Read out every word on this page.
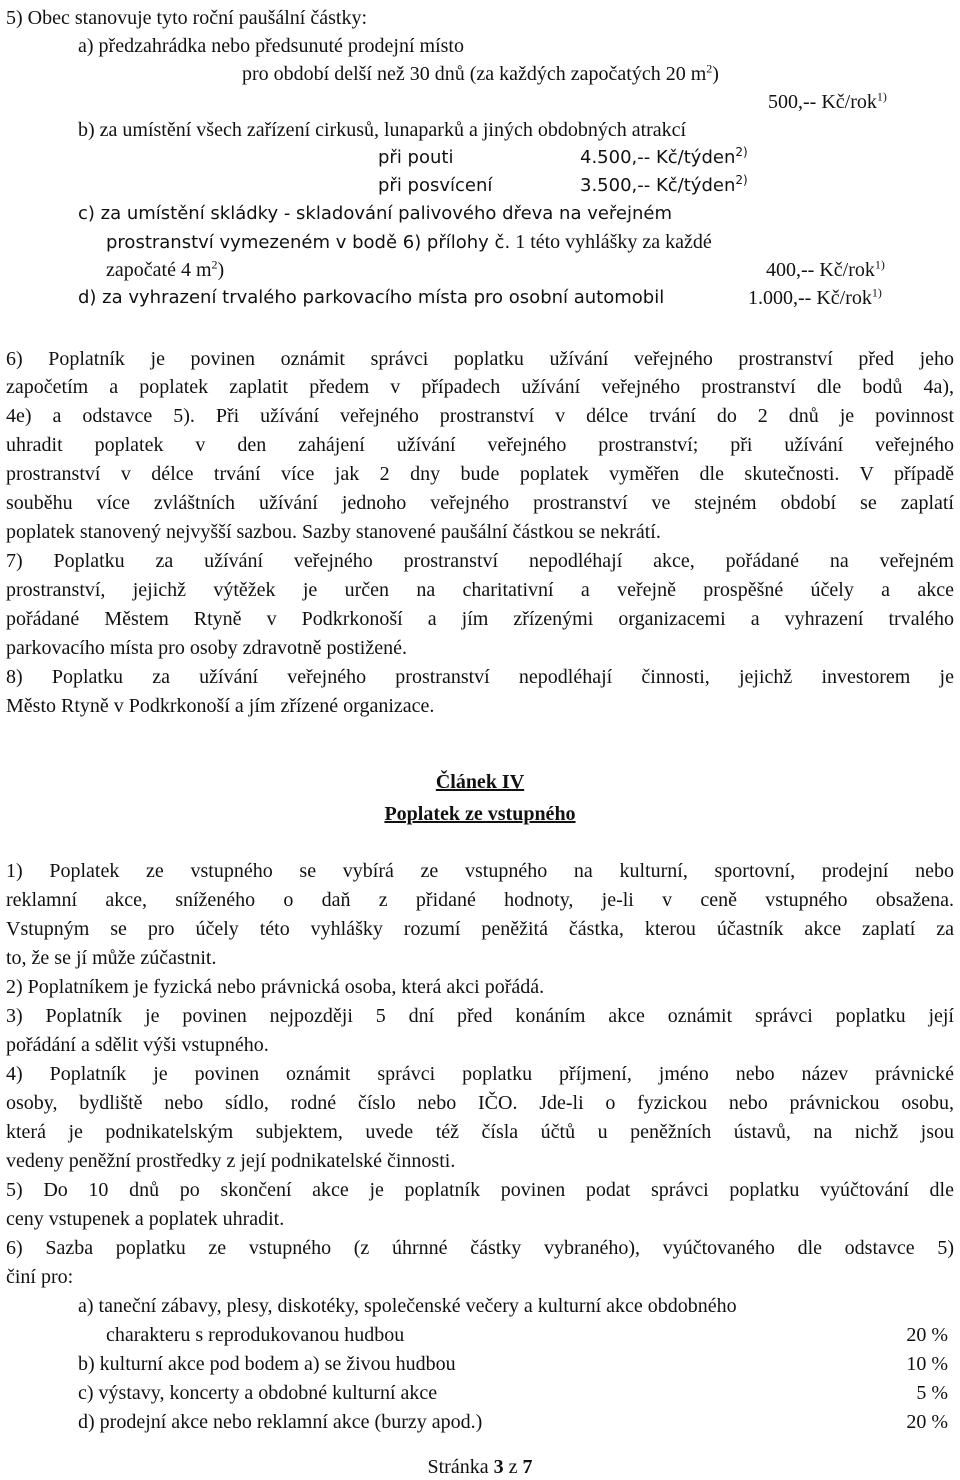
5) Obec stanovuje tyto roční paušální částky:
a) předzahrádka nebo předsunuté prodejní místo
pro období delší než 30 dnů (za každých započatých 20 $m^2$)
500,-- Kč/rok$^{1)}$
b) za umístění všech zařízení cirkusů, lunaparků a jiných obdobných atrakcí
při pouti	4.500,-- Kč/týden$^{2)}$
při posvícení	3.500,-- Kč/týden$^{2)}$
c) za umístění skládky - skladování palivového dřeva na veřejném
prostranství vymezeném v bodě 6) přílohy č. 1 této vyhlášky za každé
započaté 4 $m^2$)	400,-- Kč/rok$^{1)}$
d) za vyhrazení trvalého parkovacího místa pro osobní automobil	1.000,-- Kč/rok$^{1)}$
6) Poplatník je povinen oznámit správci poplatku užívání veřejného prostranství před jeho
započetím a poplatek zaplatit předem v případech užívání veřejného prostranství dle bodů 4a),
4e) a odstavce 5). Při užívání veřejného prostranství v délce trvání do 2 dnů je povinnost
uhradit poplatek v den zahájení užívání veřejného prostranství; při užívání veřejného
prostranství v délce trvání více jak 2 dny bude poplatek vyměřen dle skutečnosti. V případě
souběhu více zvláštních užívání jednoho veřejného prostranství ve stejném období se zaplatí
poplatek stanovený nejvyšší sazbou. Sazby stanovené paušální částkou se nekrátí.
7) Poplatku za užívání veřejného prostranství nepodléhají akce, pořádané na veřejném
prostranství, jejichž výtěžek je určen na charitativní a veřejně prospěšné účely a akce
pořádané Městem Rtyně v Podkrkonoší a jím zřízenými organizacemi a vyhrazení trvalého
parkovacího místa pro osoby zdravotně postižené.
8) Poplatku za užívání veřejného prostranství nepodléhají činnosti, jejichž investorem je
Město Rtyně v Podkrkonoší a jím zřízené organizace.
Článek IV
Poplatek ze vstupného
1) Poplatek ze vstupného se vybírá ze vstupného na kulturní, sportovní, prodejní nebo
reklamní akce, sníženého o daň z přidané hodnoty, je-li v ceně vstupného obsažena.
Vstupným se pro účely této vyhlášky rozumí peněžitá částka, kterou účastník akce zaplatí za
to, že se jí může zúčastnit.
2) Poplatníkem je fyzická nebo právnická osoba, která akci pořádá.
3) Poplatník je povinen nejpozději 5 dní před konáním akce oznámit správci poplatku její
pořádání a sdělit výši vstupného.
4) Poplatník je povinen oznámit správci poplatku příjmení, jméno nebo název právnické
osoby, bydliště nebo sídlo, rodné číslo nebo IČO. Jde-li o fyzickou nebo právnickou osobu,
která je podnikatelským subjektem, uvede též čísla účtů u peněžních ústavů, na nichž jsou
vedeny peněžní prostředky z její podnikatelské činnosti.
5) Do 10 dnů po skončení akce je poplatník povinen podat správci poplatku vyúčtování dle
ceny vstupenek a poplatek uhradit.
6) Sazba poplatku ze vstupného (z úhrnné částky vybraného), vyúčtovaného dle odstavce 5)
činí pro:
a) taneční zábavy, plesy, diskotéky, společenské večery a kulturní akce obdobného
charakteru s reprodukovanou hudbou	20 %
b) kulturní akce pod bodem a) se živou hudbou	10 %
c) výstavy, koncerty a obdobné kulturní akce	5 %
d) prodejní akce nebo reklamní akce (burzy apod.)	20 %
Stránka 3 z 7
